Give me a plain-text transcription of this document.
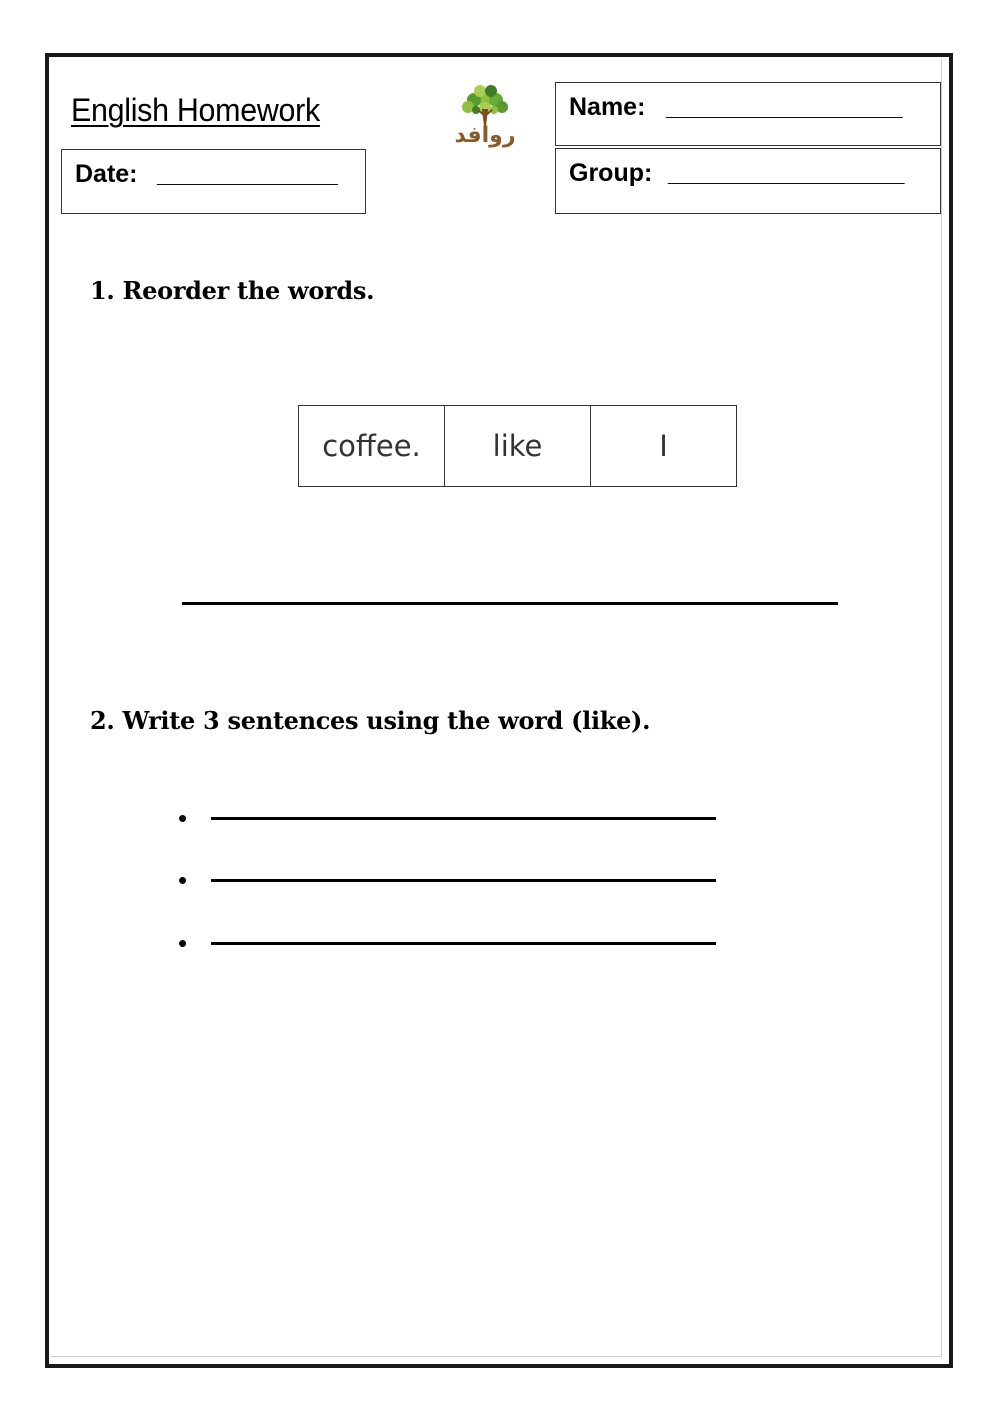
English Homework
روافد
Date: _____________
Name: _________________
Group: _________________
1. Reorder the words.
coffee.	like	I
2. Write 3 sentences using the word (like).
•
•
•
